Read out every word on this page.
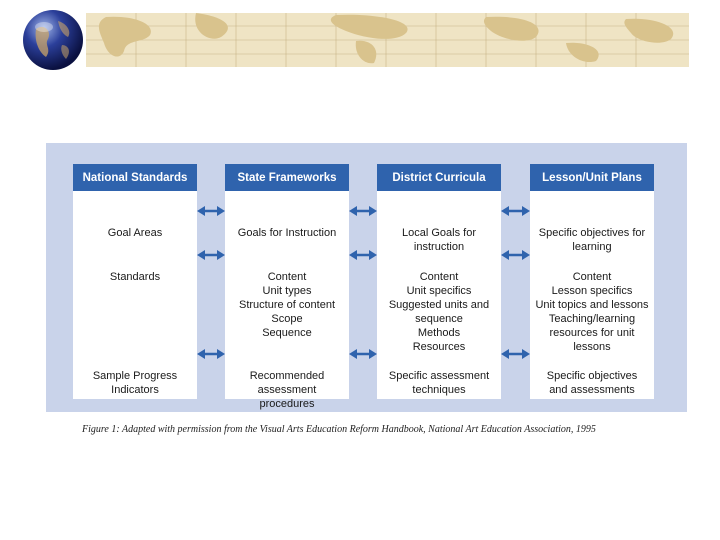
National Standards
Goal Areas
Standards
Sample Progress
Indicators
State Frameworks
Goals for Instruction
Content
Unit types
Structure of content
Scope
Sequence
Recommended
assessment
procedures
District Curricula
Local Goals for
instruction
Content
Unit specifics
Suggested units and
sequence
Methods
Resources
Specific assessment
techniques
Lesson/Unit Plans
Specific objectives for
learning
Content
Lesson specifics
Unit topics and lessons
Teaching/learning
resources for unit
lessons
Specific objectives
and assessments
Figure 1: Adapted with permission from the Visual Arts Education Reform Handbook, National Art Education Association, 1995
